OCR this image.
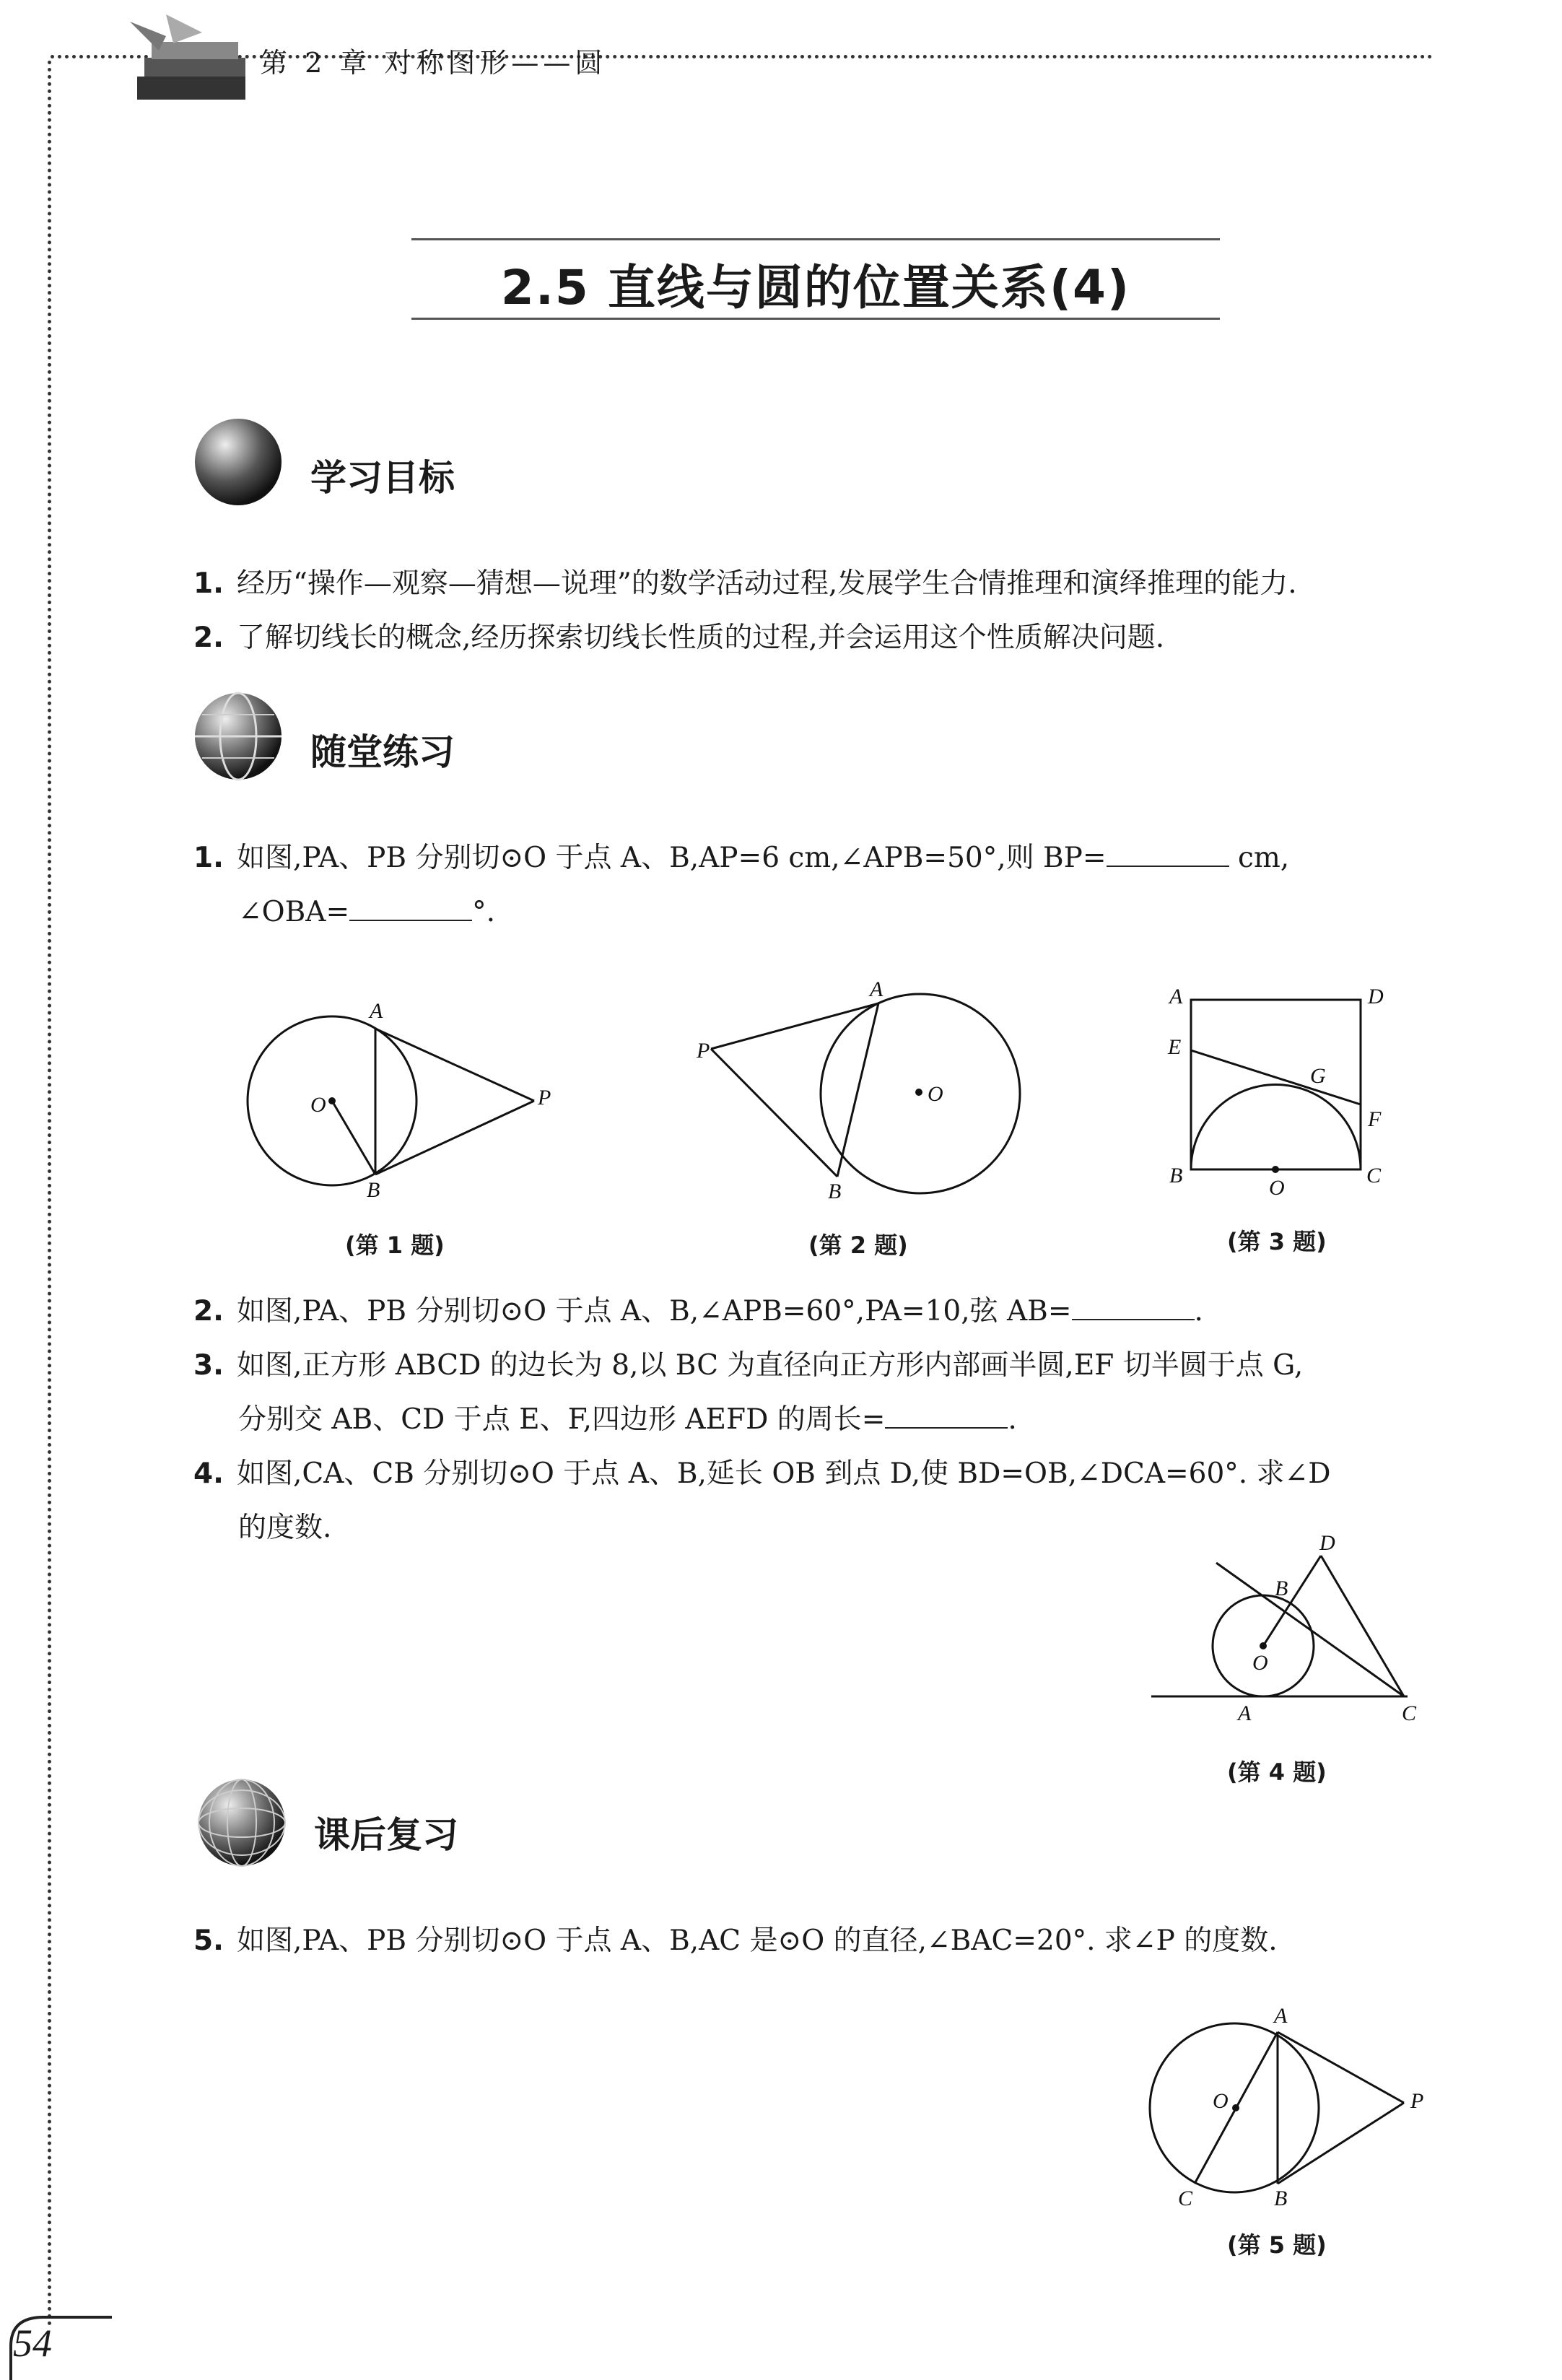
第 2 章 对称图形——圆
2.5 直线与圆的位置关系(4)
学习目标
1. 经历“操作—观察—猜想—说理”的数学活动过程,发展学生合情推理和演绎推理的能力.
2. 了解切线长的概念,经历探索切线长性质的过程,并会运用这个性质解决问题.
随堂练习
1. 如图,PA、PB 分别切⊙O 于点 A、B,AP=6 cm,∠APB=50°,则 BP=	cm,
∠OBA=	°.
A
B
O	P
(第 1 题)
A
B
O
P
(第 2 题)
A	D
E
G
F
B
O
C
(第 3 题)
2. 如图,PA、PB 分别切⊙O 于点 A、B,∠APB=60°,PA=10,弦 AB=	.
3. 如图,正方形 ABCD 的边长为 8,以 BC 为直径向正方形内部画半圆,EF 切半圆于点 G,
分别交 AB、CD 于点 E、F,四边形 AEFD 的周长=	.
4. 如图,CA、CB 分别切⊙O 于点 A、B,延长 OB 到点 D,使 BD=OB,∠DCA=60°. 求∠D
的度数.	D
B
O
A	C
(第 4 题)
课后复习
5. 如图,PA、PB 分别切⊙O 于点 A、B,AC 是⊙O 的直径,∠BAC=20°. 求∠P 的度数.
A
O	P
C	B
(第 5 题)
54
